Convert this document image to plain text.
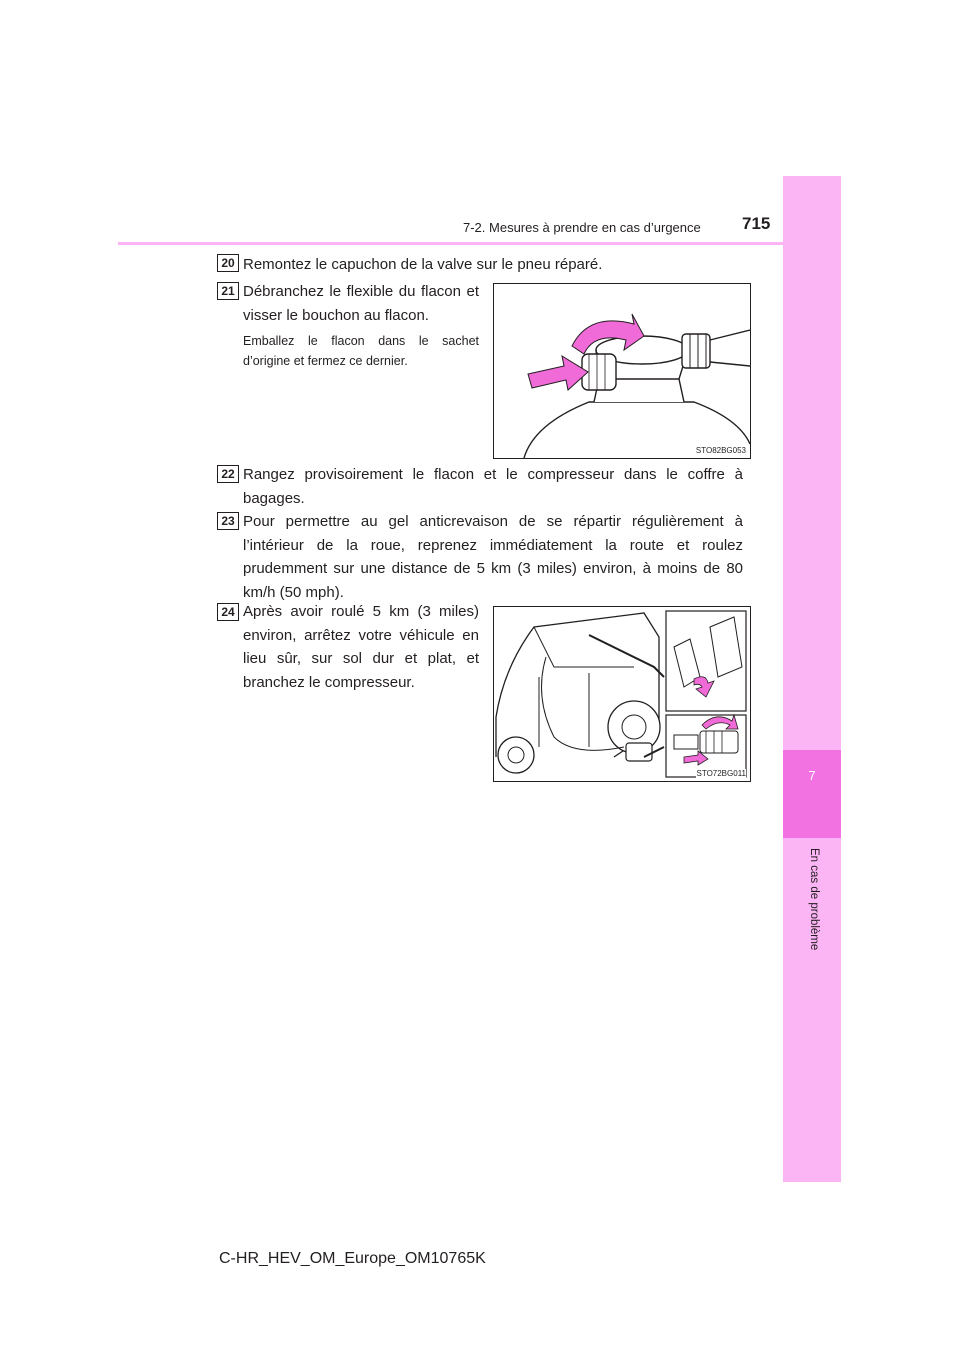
7
En cas de problème
7-2. Mesures à prendre en cas d’urgence 715
20 Remontez le capuchon de la valve sur le pneu réparé.
21 Débranchez le flexible du flacon et visser le bouchon au flacon.
Emballez le flacon dans le sachet d’origine et fermez ce dernier.
STO82BG053
22 Rangez provisoirement le flacon et le compresseur dans le coffre à bagages.
23 Pour permettre au gel anticrevaison de se répartir régulièrement à l’intérieur de la roue, reprenez immédiatement la route et roulez prudemment sur une distance de 5 km (3 miles) environ, à moins de 80 km/h (50 mph).
24 Après avoir roulé 5 km (3 miles) environ, arrêtez votre véhicule en lieu sûr, sur sol dur et plat, et branchez le compresseur.
STO72BG011
C-HR_HEV_OM_Europe_OM10765K
